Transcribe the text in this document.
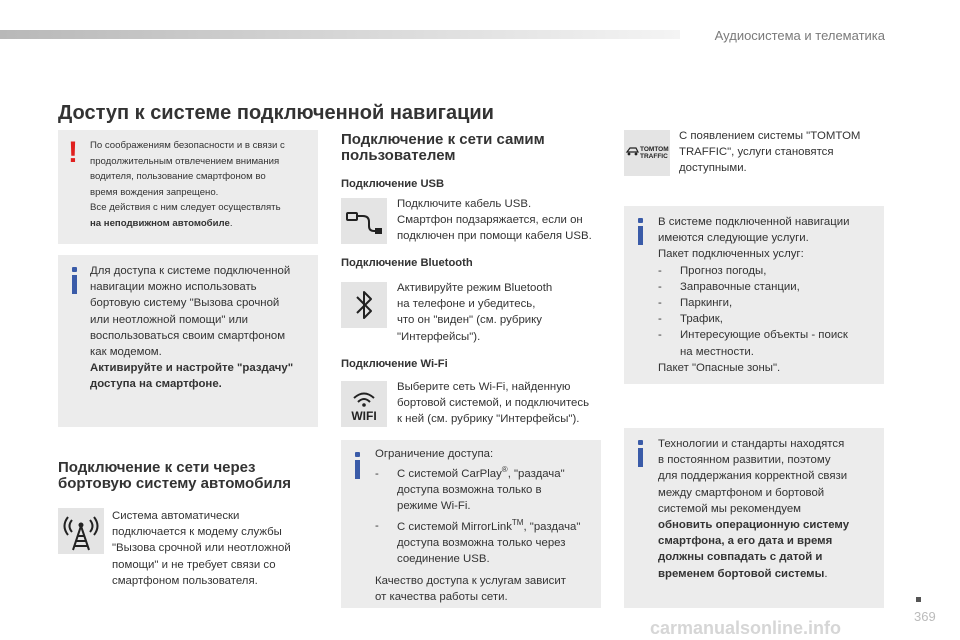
Аудиосистема и телематика
Доступ к системе подключенной навигации
! По соображениям безопасности и в связи с
продолжительным отвлечением внимания
водителя, пользование смартфоном во
время вождения запрещено.
Все действия с ним следует осуществлять
на неподвижном автомобиле.
Для доступа к системе подключенной
навигации можно использовать
бортовую систему "Вызова срочной
или неотложной помощи" или
воспользоваться своим смартфоном
как модемом.
Активируйте и настройте "раздачу"
доступа на смартфоне.
Подключение к сети через
бортовую систему автомобиля
Система автоматически
подключается к модему службы
"Вызова срочной или неотложной
помощи" и не требует связи со
смартфоном пользователя.
Подключение к сети самим
пользователем
Подключение USB
Подключите кабель USB.
Смартфон подзаряжается, если он
подключен при помощи кабеля USB.
Подключение Bluetooth
Активируйте режим Bluetooth
на телефоне и убедитесь,
что он "виден" (см. рубрику
"Интерфейсы").
Подключение Wi-Fi
WIFI
Выберите сеть Wi-Fi, найденную
бортовой системой, и подключитесь
к ней (см. рубрику "Интерфейсы").
Ограничение доступа:
- С системой CarPlay®, "раздача"
доступа возможна только в
режиме Wi-Fi.
- С системой MirrorLink™, "раздача"
доступа возможна только через
соединение USB.
Качество доступа к услугам зависит
от качества работы сети.
TOMTOM
TRAFFIC
С появлением системы "TOMTOM
TRAFFIC", услуги становятся
доступными.
В системе подключенной навигации
имеются следующие услуги.
Пакет подключенных услуг:
- Прогноз погоды,
- Заправочные станции,
- Паркинги,
- Трафик,
- Интересующие объекты - поиск
на местности.
Пакет "Опасные зоны".
Технологии и стандарты находятся
в постоянном развитии, поэтому
для поддержания корректной связи
между смартфоном и бортовой
системой мы рекомендуем
обновить операционную систему
смартфона, а его дата и время
должны совпадать с датой и
временем бортовой системы.
369
carmanualsonline.info
